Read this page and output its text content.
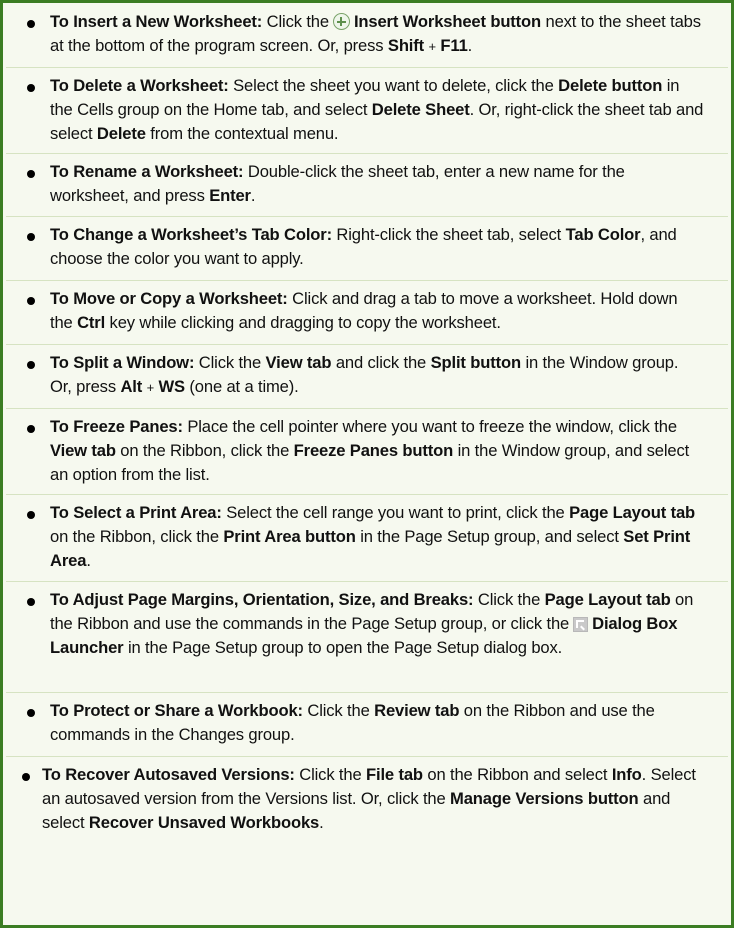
To Insert a New Worksheet: Click the Insert Worksheet button next to the sheet tabs at the bottom of the program screen. Or, press Shift + F11.
To Delete a Worksheet: Select the sheet you want to delete, click the Delete button in the Cells group on the Home tab, and select Delete Sheet. Or, right-click the sheet tab and select Delete from the contextual menu.
To Rename a Worksheet: Double-click the sheet tab, enter a new name for the worksheet, and press Enter.
To Change a Worksheet’s Tab Color: Right-click the sheet tab, select Tab Color, and choose the color you want to apply.
To Move or Copy a Worksheet: Click and drag a tab to move a worksheet. Hold down the Ctrl key while clicking and dragging to copy the worksheet.
To Split a Window: Click the View tab and click the Split button in the Window group. Or, press Alt + WS (one at a time).
To Freeze Panes: Place the cell pointer where you want to freeze the window, click the View tab on the Ribbon, click the Freeze Panes button in the Window group, and select an option from the list.
To Select a Print Area: Select the cell range you want to print, click the Page Layout tab on the Ribbon, click the Print Area button in the Page Setup group, and select Set Print Area.
To Adjust Page Margins, Orientation, Size, and Breaks: Click the Page Layout tab on the Ribbon and use the commands in the Page Setup group, or click the Dialog Box Launcher in the Page Setup group to open the Page Setup dialog box.
To Protect or Share a Workbook: Click the Review tab on the Ribbon and use the commands in the Changes group.
To Recover Autosaved Versions: Click the File tab on the Ribbon and select Info. Select an autosaved version from the Versions list. Or, click the Manage Versions button and select Recover Unsaved Workbooks.
